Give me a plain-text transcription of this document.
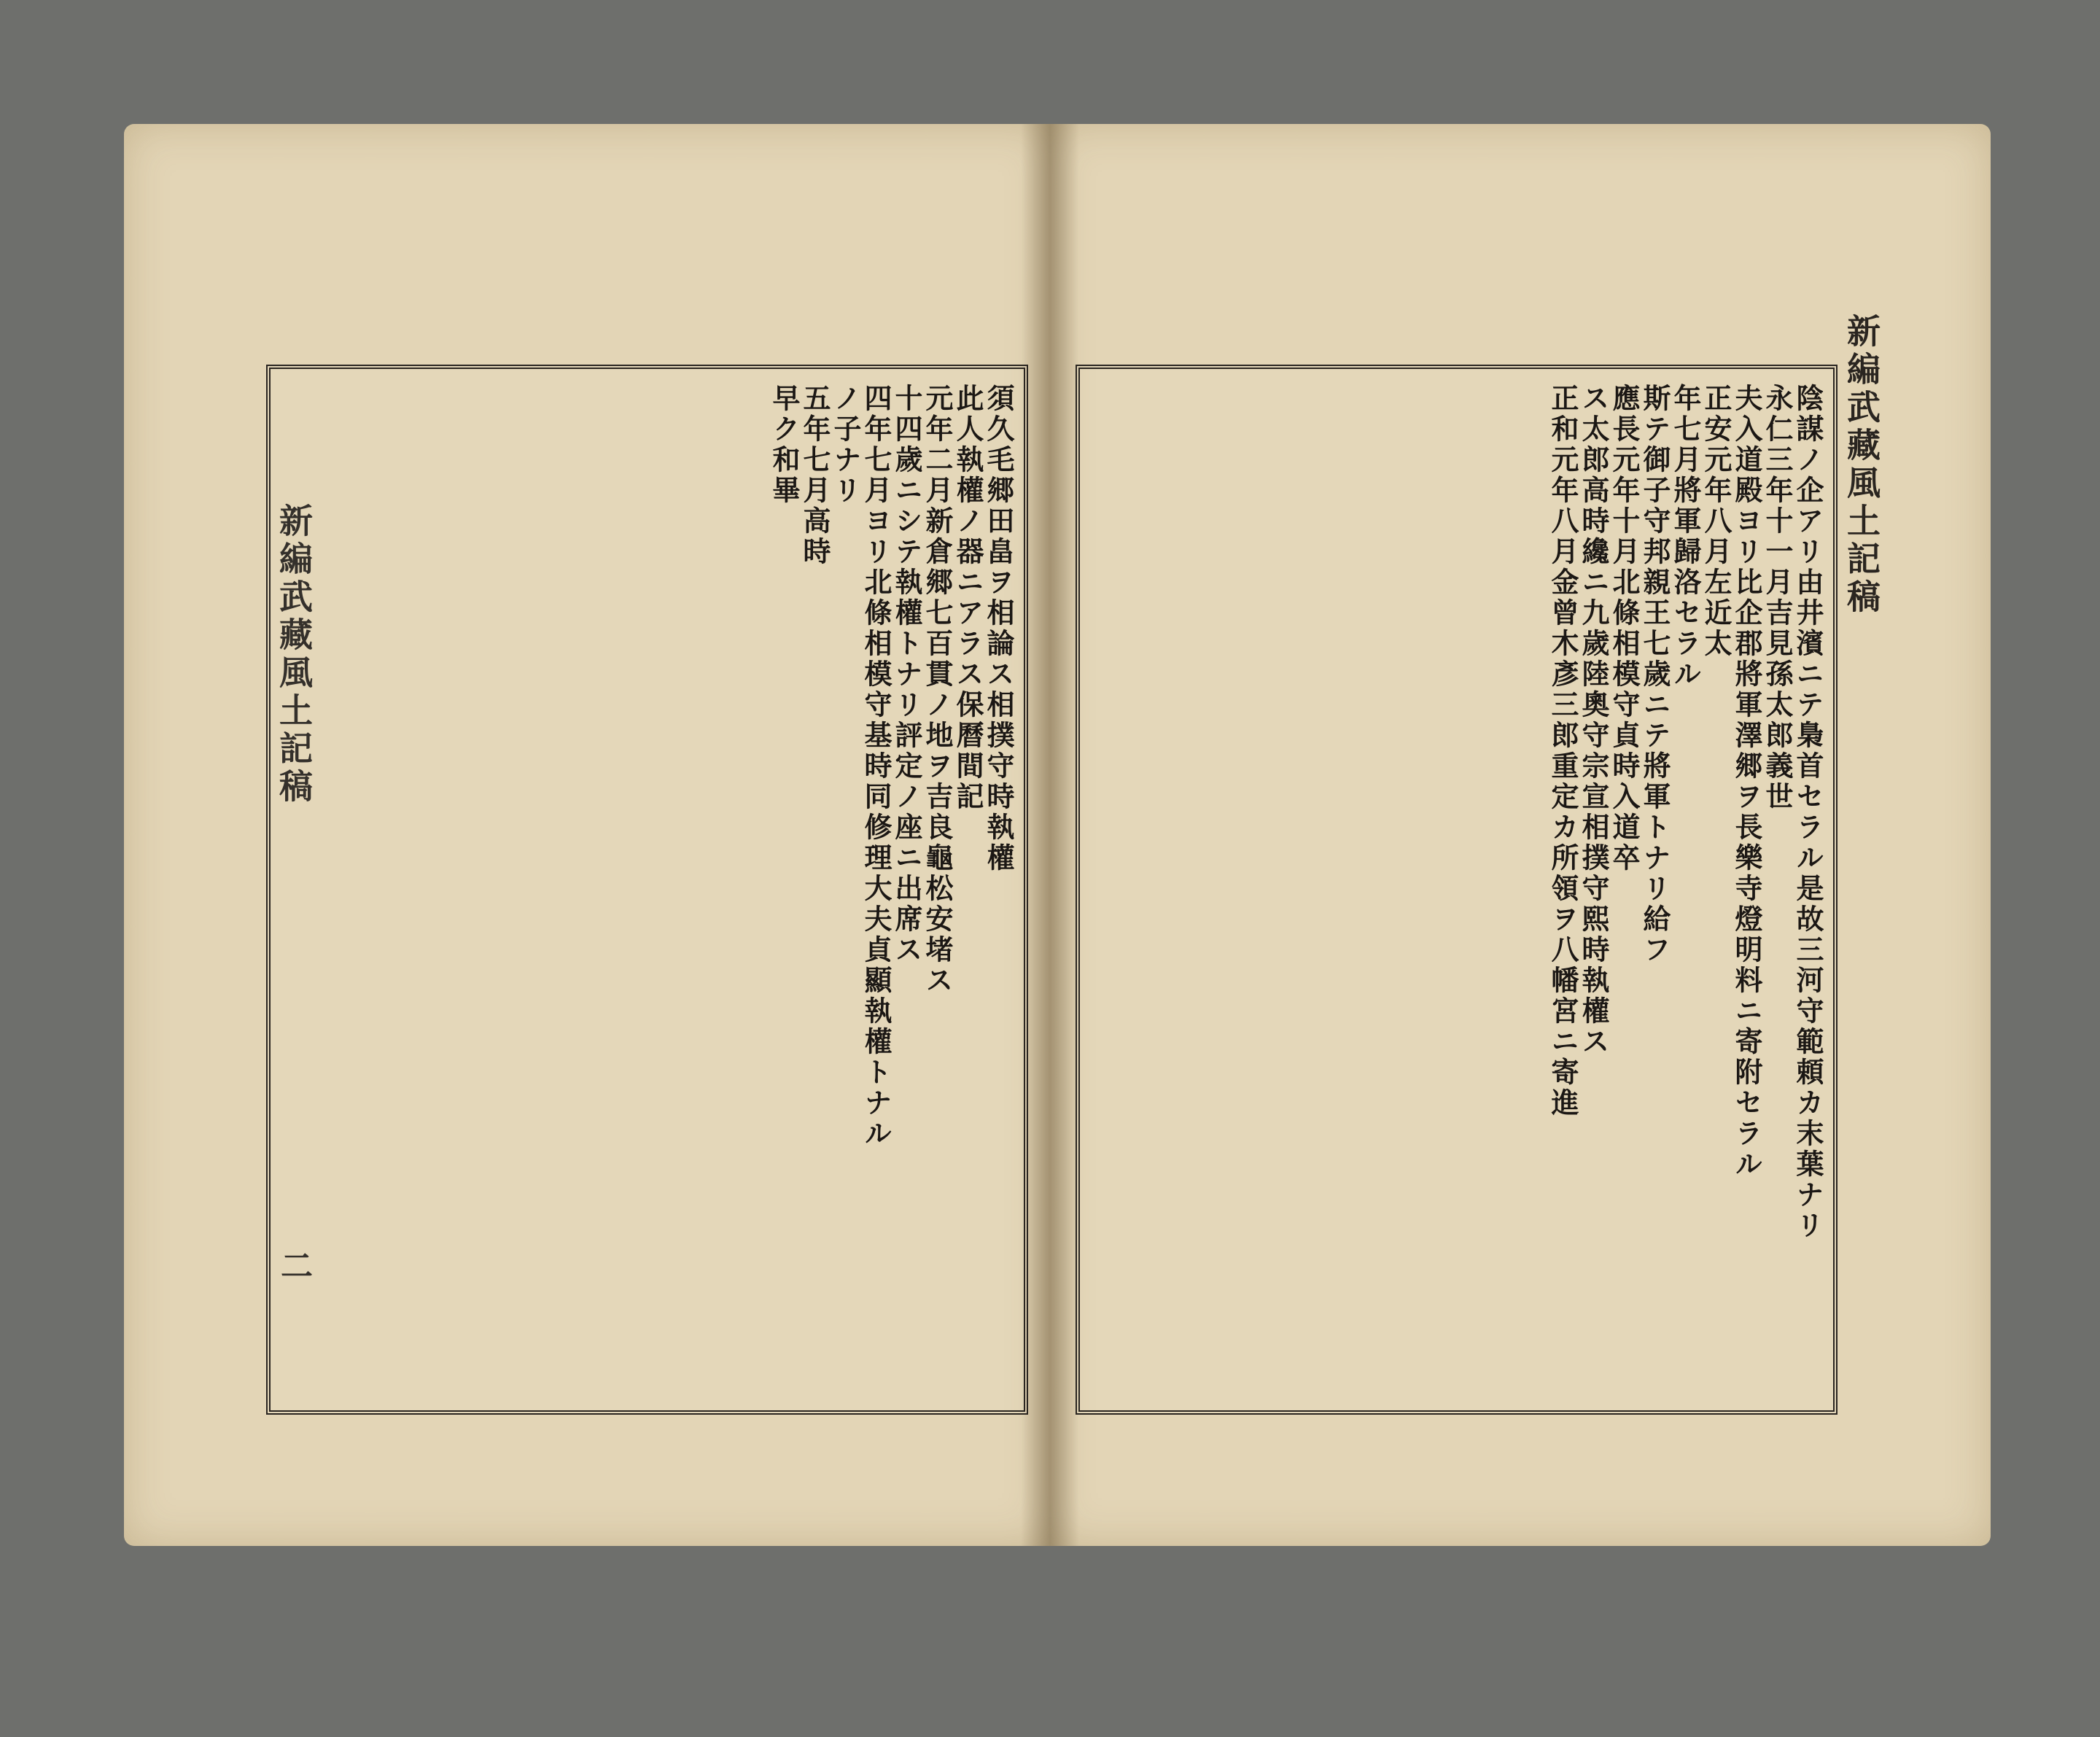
新編武藏風土記稿
二
新編武藏風土記稿
須久毛郷田畠ヲ相論ス相撲守時執權
此人執權ノ器ニアラス保曆間記
元年二月新倉郷七百貫ノ地ヲ吉良龜松安堵ス
十四歲ニシテ執權トナリ評定ノ座ニ出席ス
四年七月ヨリ北條相模守基時同修理大夫貞顯執權トナル
ノ子ナリ
五年七月高時
早ク和畢	陰謀ノ企アリ由井濱ニテ梟首セラル是故三河守範頼カ末葉ナリ
永仁三年十一月吉見孫太郎義世
夫入道殿ヨリ比企郡將軍澤郷ヲ長樂寺燈明料ニ寄附セラル
正安元年八月左近太
年七月將軍歸洛セラル
斯テ御子守邦親王七歲ニテ將軍トナリ給フ
應長元年十月北條相模守貞時入道卒
ス太郎高時纔ニ九歲陸奧守宗宣相撲守熙時執權ス
正和元年八月金曾木彥三郎重定カ所領ヲ八幡宮ニ寄進
